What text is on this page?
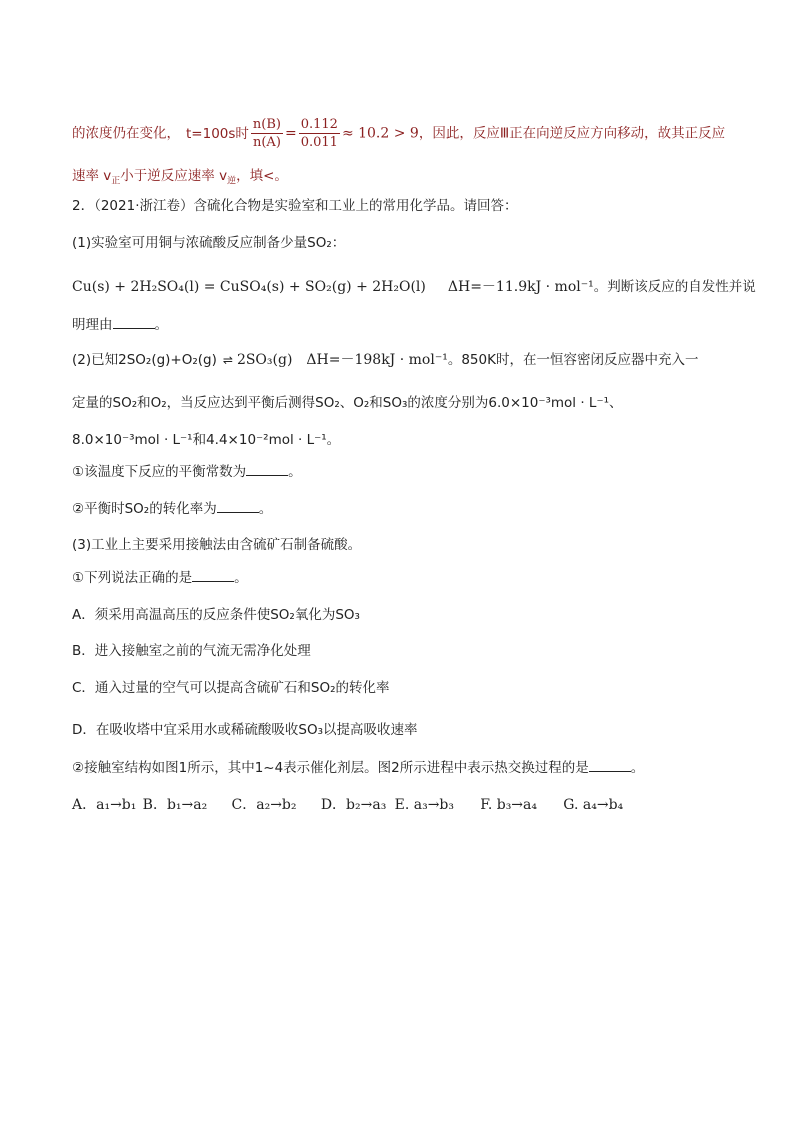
的浓度仍在变化， t=100s时 $\frac{n(B)}{n(A)} = \frac{0.112}{0.011} \approx 10.2 > 9$，因此，反应Ⅲ正在向逆反应方向移动，故其正反应
速率 $v_正$小于逆反应速率 $v_逆$，填<。
2．（2021·浙江卷）含硫化合物是实验室和工业上的常用化学品。请回答：
(1)实验室可用铜与浓硫酸反应制备少量SO₂：
Cu(s) + 2H₂SO₄(l) = CuSO₄(s) + SO₂(g) + 2H₂O(l) ΔH=－11.9kJ · mol⁻¹。判断该反应的自发性并说
明理由	。
(2)已知2SO₂(g)+O₂(g) ⇌ 2SO₃(g) ΔH=－198kJ · mol⁻¹。850K时，在一恒容密闭反应器中充入一
定量的SO₂和O₂，当反应达到平衡后测得SO₂、O₂和SO₃的浓度分别为6.0×10⁻³mol · L⁻¹、
8.0×10⁻³mol · L⁻¹和4.4×10⁻²mol · L⁻¹。
①该温度下反应的平衡常数为	。
②平衡时SO₂的转化率为	。
(3)工业上主要采用接触法由含硫矿石制备硫酸。
①下列说法正确的是	。
A．须采用高温高压的反应条件使SO₂氧化为SO₃
B．进入接触室之前的气流无需净化处理
C．通入过量的空气可以提高含硫矿石和SO₂的转化率
D．在吸收塔中宜采用水或稀硫酸吸收SO₃以提高吸收速率
②接触室结构如图1所示，其中1~4表示催化剂层。图2所示进程中表示热交换过程的是	。
A．a₁→b₁ B．b₁→a₂ C．a₂→b₂ D．b₂→a₃ E. a₃→b₃ F. b₃→a₄ G. a₄→b₄
